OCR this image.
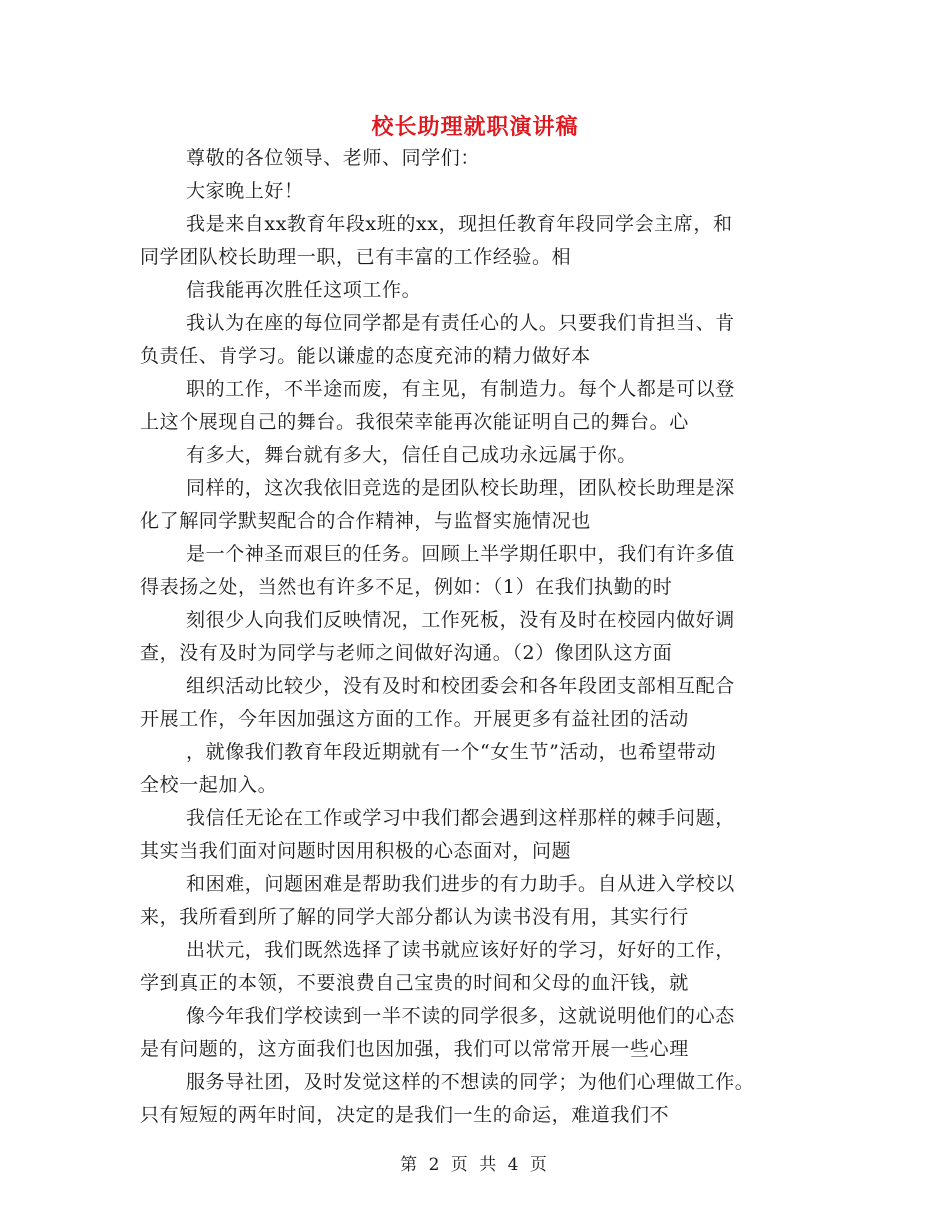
校长助理就职演讲稿
尊敬的各位领导、老师、同学们：
大家晚上好！
我是来自xx教育年段x班的xx，现担任教育年段同学会主席，和
同学团队校长助理一职，已有丰富的工作经验。相
信我能再次胜任这项工作。
我认为在座的每位同学都是有责任心的人。只要我们肯担当、肯
负责任、肯学习。能以谦虚的态度充沛的精力做好本
职的工作，不半途而废，有主见，有制造力。每个人都是可以登
上这个展现自己的舞台。我很荣幸能再次能证明自己的舞台。心
有多大，舞台就有多大，信任自己成功永远属于你。
同样的，这次我依旧竞选的是团队校长助理，团队校长助理是深
化了解同学默契配合的合作精神，与监督实施情况也
是一个神圣而艰巨的任务。回顾上半学期任职中，我们有许多值
得表扬之处，当然也有许多不足，例如：（1）在我们执勤的时
刻很少人向我们反映情况，工作死板，没有及时在校园内做好调
查，没有及时为同学与老师之间做好沟通。（2）像团队这方面
组织活动比较少，没有及时和校团委会和各年段团支部相互配合
开展工作，今年因加强这方面的工作。开展更多有益社团的活动
，就像我们教育年段近期就有一个“女生节”活动，也希望带动
全校一起加入。
我信任无论在工作或学习中我们都会遇到这样那样的棘手问题，
其实当我们面对问题时因用积极的心态面对，问题
和困难，问题困难是帮助我们进步的有力助手。自从进入学校以
来，我所看到所了解的同学大部分都认为读书没有用，其实行行
出状元，我们既然选择了读书就应该好好的学习，好好的工作，
学到真正的本领，不要浪费自己宝贵的时间和父母的血汗钱，就
像今年我们学校读到一半不读的同学很多，这就说明他们的心态
是有问题的，这方面我们也因加强，我们可以常常开展一些心理
服务导社团，及时发觉这样的不想读的同学；为他们心理做工作。
只有短短的两年时间，决定的是我们一生的命运，难道我们不
第 2 页 共 4 页
